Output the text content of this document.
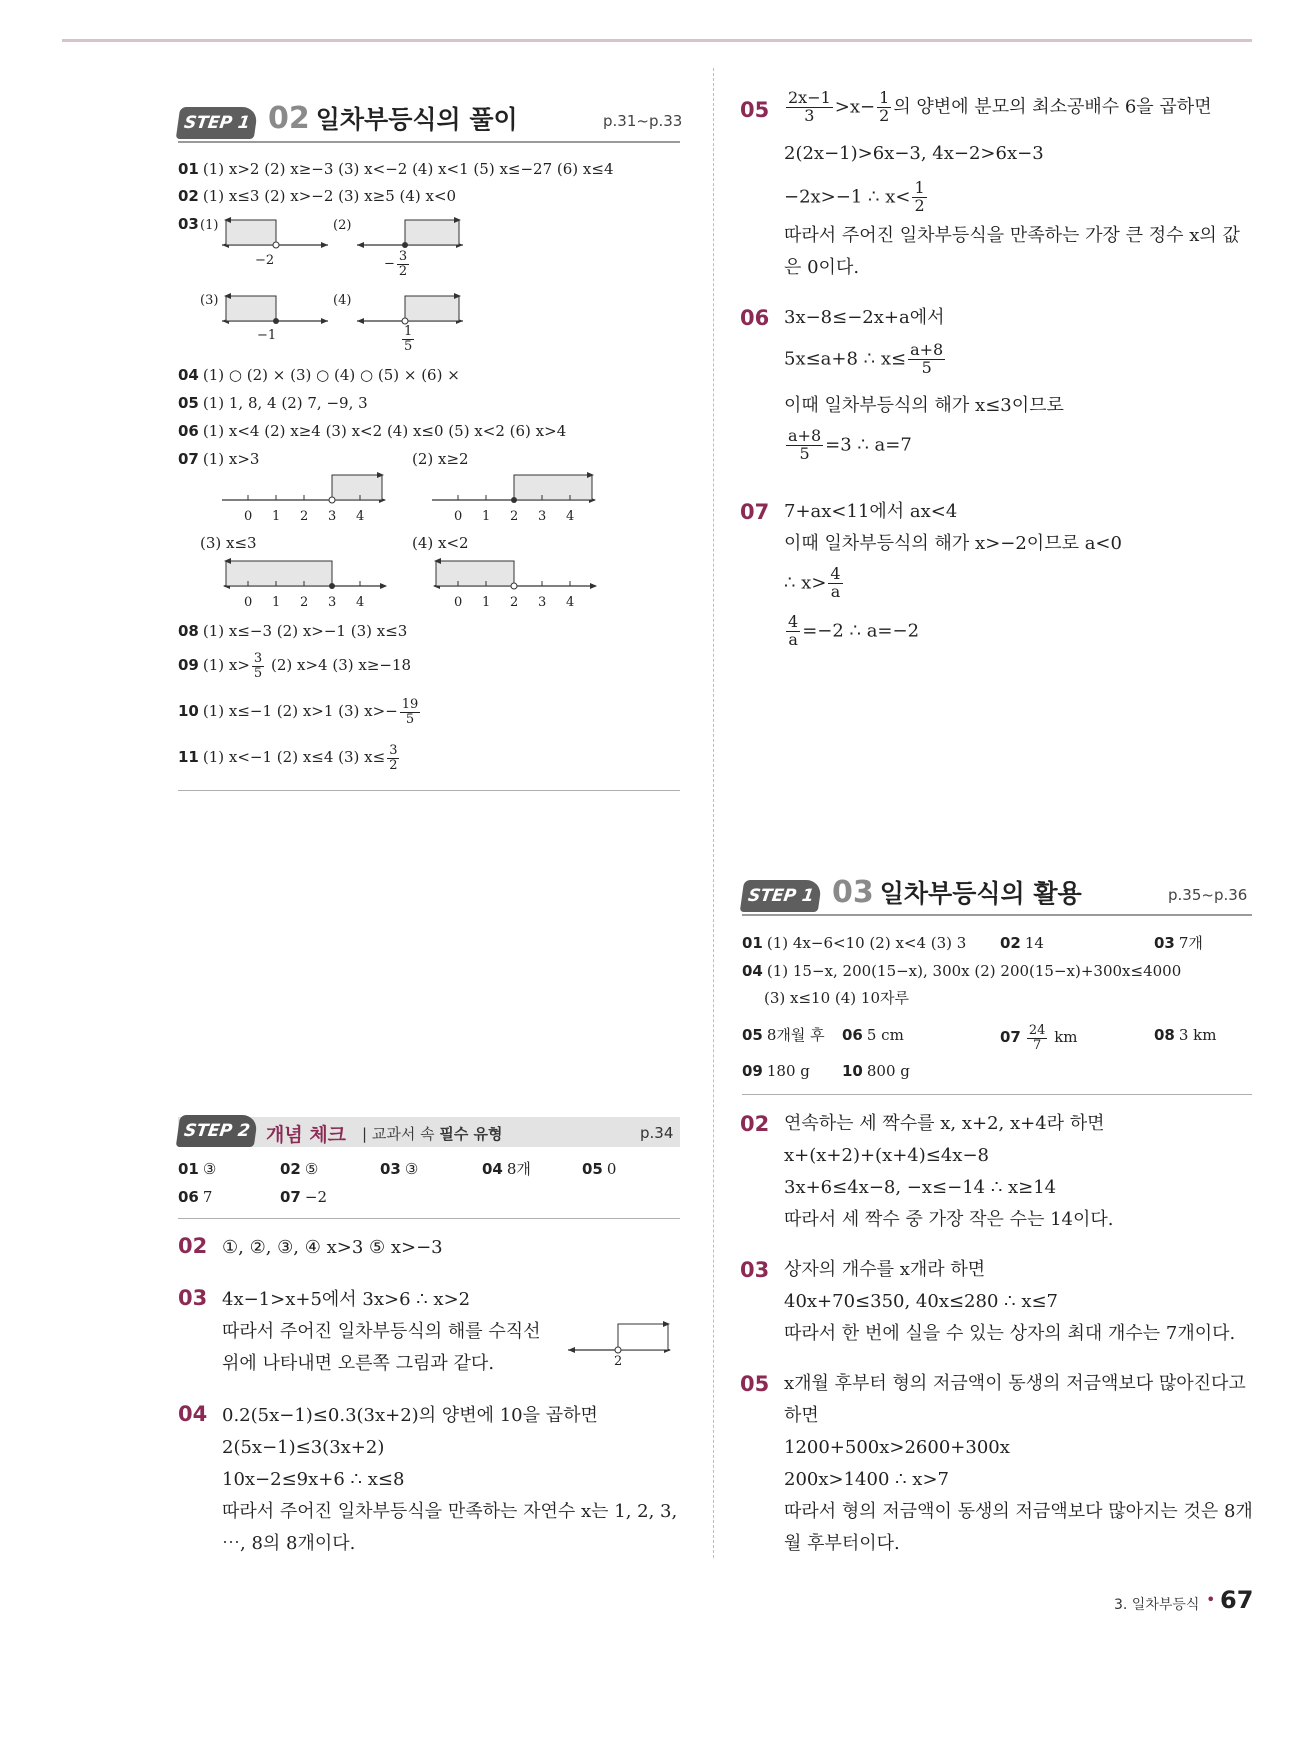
STEP 1 02 일차부등식의 풀이	p.31~p.33
01 (1) x>2 (2) x≥−3 (3) x<−2 (4) x<1 (5) x≤−27 (6) x≤4
02 (1) x≤3 (2) x>−2 (3) x≥5 (4) x<0
03 (1)	(2)
(3)	(4)
−2	− $\frac{3}{2}$
−1	$\frac{1}{5}$
04 (1) ○ (2) × (3) ○ (4) ○ (5) × (6) ×
05 (1) 1, 8, 4 (2) 7, −9, 3
06 (1) x<4 (2) x≥4 (3) x<2 (4) x≤0 (5) x<2 (6) x>4
07 (1) x>3	(2) x≥2
0 1 2 3 4	0 1 2 3 4
(3) x≤3	(4) x<2
0 1 2 3 4	0 1 2 3 4
08 (1) x≤−3 (2) x>−1 (3) x≤3
09 (1) $x> \frac{3}{5} (2)$ x>4 (3) x≥−18
10 (1) x≤−1 (2) x>1 (3) $x>- \frac{19}{5}$
11 (1) x<−1 (2) x≤4 (3) $x\le \frac{3}{2}$
STEP 2 개념 체크 | 교과서 속 필수 유형	p.34
01 ③	02 ⑤	03 ③	04 8개	05 0
06 7	07 −2
02 ①, ②, ③, ④ x>3 ⑤ x>−3
03 4x−1>x+5에서 3x>6 ∴ x>2
따라서 주어진 일차부등식의 해를 수직선
위에 나타내면 오른쪽 그림과 같다.	2
04 0.2(5x−1)≤0.3(3x+2)의 양변에 10을 곱하면
2(5x−1)≤3(3x+2)
10x−2≤9x+6 ∴ x≤8
따라서 주어진 일차부등식을 만족하는 자연수 x는 1, 2, 3,
⋯, 8의 8개이다.
$05 \frac{2x-1}{3} >x- \frac{1}{2}$ 의 양변에 분모의 최소공배수 6을 곱하면
2(2x−1)>6x−3, 4x−2>6x−3
−2x>−1 ∴ $x< \frac{1}{2}$
따라서 주어진 일차부등식을 만족하는 가장 큰 정수 x의 값
은 0이다.
06 3x−8≤−2x+a에서
5x≤a+8 ∴ $x\le \frac{a+8}{5}$
이때 일차부등식의 해가 x≤3이므로
$\frac{a+8}{5} =3$ ∴ a=7
07 7+ax<11에서 ax<4
이때 일차부등식의 해가 x>−2이므로 a<0
∴ $x> \frac{4}{a}$
$\frac{4}{a} =-2$ ∴ a=−2
STEP 1 03 일차부등식의 활용	p.35~p.36
01 (1) 4x−6<10 (2) x<4 (3) 3 02 14	03 7개
04 (1) 15−x, 200(15−x), 300x (2) 200(15−x)+300x≤4000
(3) x≤10 (4) 10자루
05 8개월 후 06 5 cm	$07 \frac{24}{7}$ km	08 3 km
09 180 g 10 800 g
02 연속하는 세 짝수를 x, x+2, x+4라 하면
x+(x+2)+(x+4)≤4x−8
3x+6≤4x−8, −x≤−14 ∴ x≥14
따라서 세 짝수 중 가장 작은 수는 14이다.
03 상자의 개수를 x개라 하면
40x+70≤350, 40x≤280 ∴ x≤7
따라서 한 번에 실을 수 있는 상자의 최대 개수는 7개이다.
05 x개월 후부터 형의 저금액이 동생의 저금액보다 많아진다고
하면
1200+500x>2600+300x
200x>1400 ∴ x>7
따라서 형의 저금액이 동생의 저금액보다 많아지는 것은 8개
월 후부터이다.
3. 일차부등식 • 67
